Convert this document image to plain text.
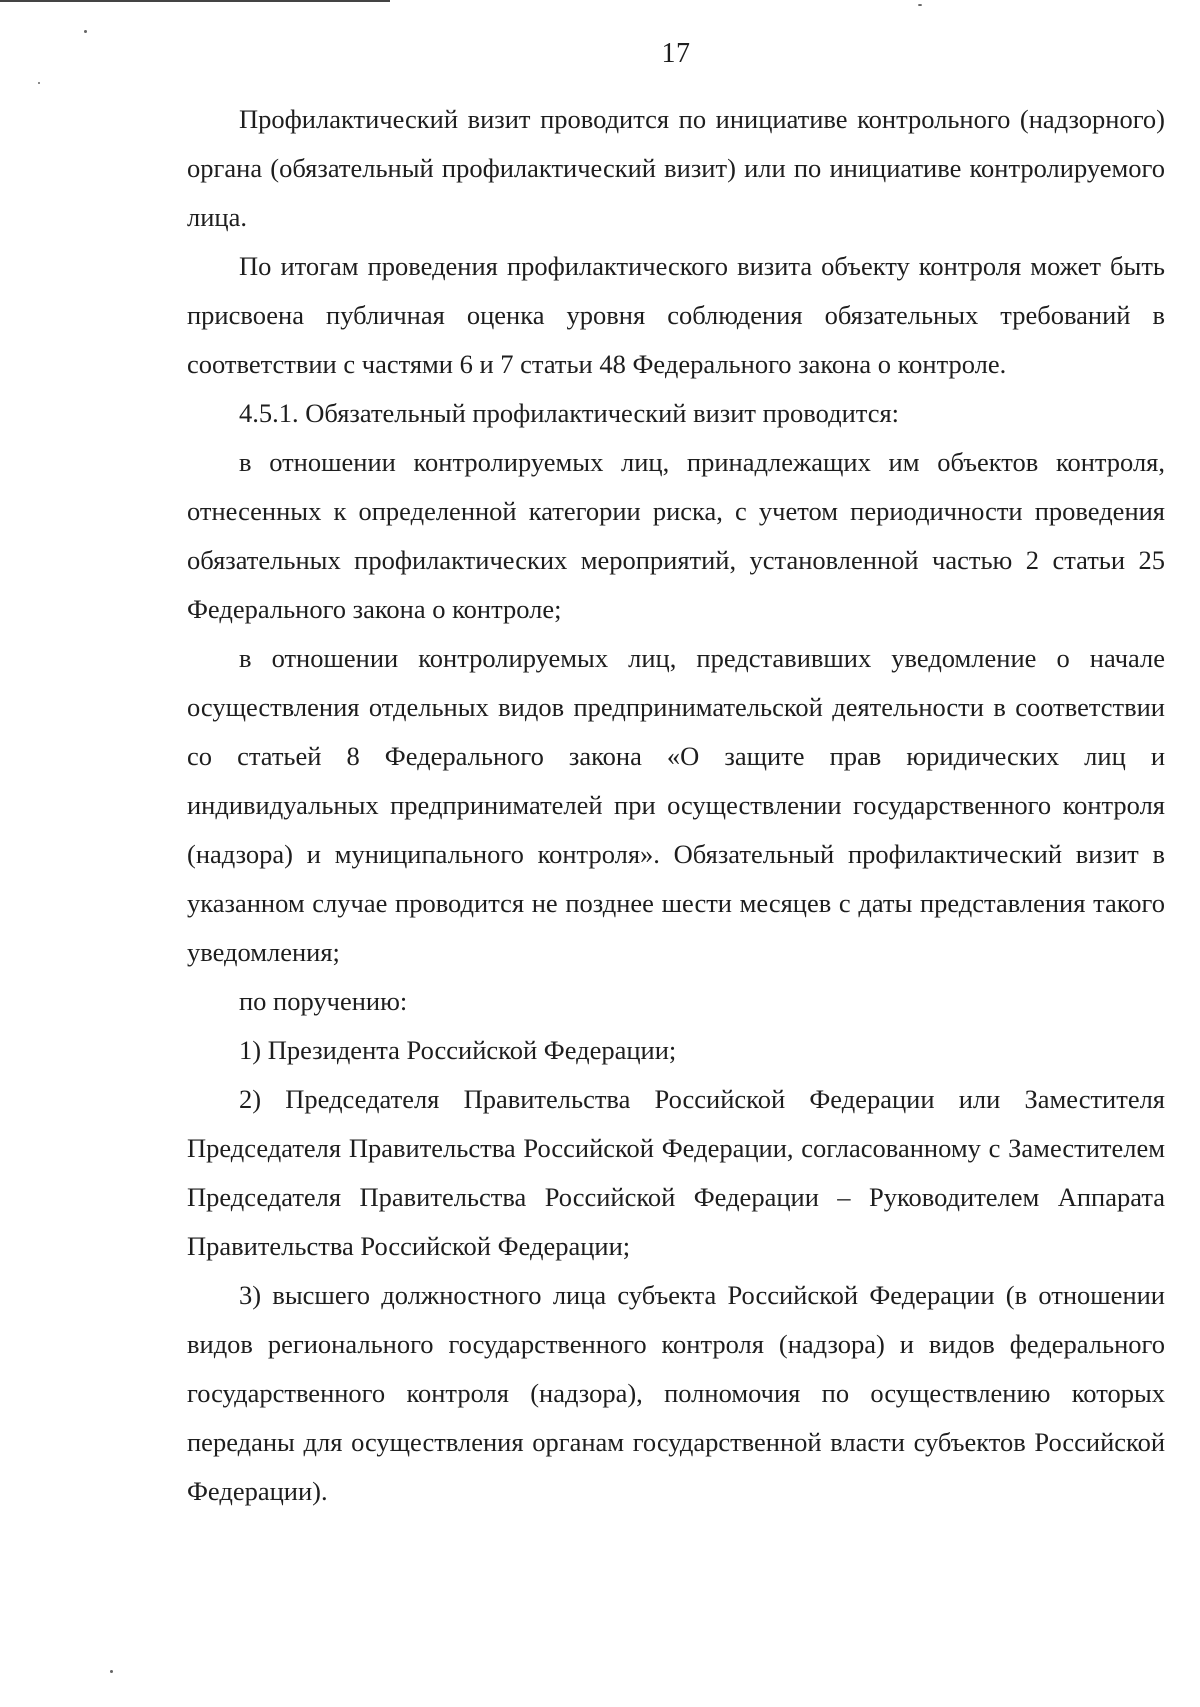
17

Профилактический визит проводится по инициативе контрольного (надзорного) органа (обязательный профилактический визит) или по инициативе контролируемого лица.

По итогам проведения профилактического визита объекту контроля может быть присвоена публичная оценка уровня соблюдения обязательных требований в соответствии с частями 6 и 7 статьи 48 Федерального закона о контроле.

4.5.1. Обязательный профилактический визит проводится:

в отношении контролируемых лиц, принадлежащих им объектов контроля, отнесенных к определенной категории риска, с учетом периодичности проведения обязательных профилактических мероприятий, установленной частью 2 статьи 25 Федерального закона о контроле;

в отношении контролируемых лиц, представивших уведомление о начале осуществления отдельных видов предпринимательской деятельности в соответствии со статьей 8 Федерального закона «О защите прав юридических лиц и индивидуальных предпринимателей при осуществлении государственного контроля (надзора) и муниципального контроля». Обязательный профилактический визит в указанном случае проводится не позднее шести месяцев с даты представления такого уведомления;

по поручению:

1) Президента Российской Федерации;

2) Председателя Правительства Российской Федерации или Заместителя Председателя Правительства Российской Федерации, согласованному с Заместителем Председателя Правительства Российской Федерации – Руководителем Аппарата Правительства Российской Федерации;

3) высшего должностного лица субъекта Российской Федерации (в отношении видов регионального государственного контроля (надзора) и видов федерального государственного контроля (надзора), полномочия по осуществлению которых переданы для осуществления органам государственной власти субъектов Российской Федерации).
